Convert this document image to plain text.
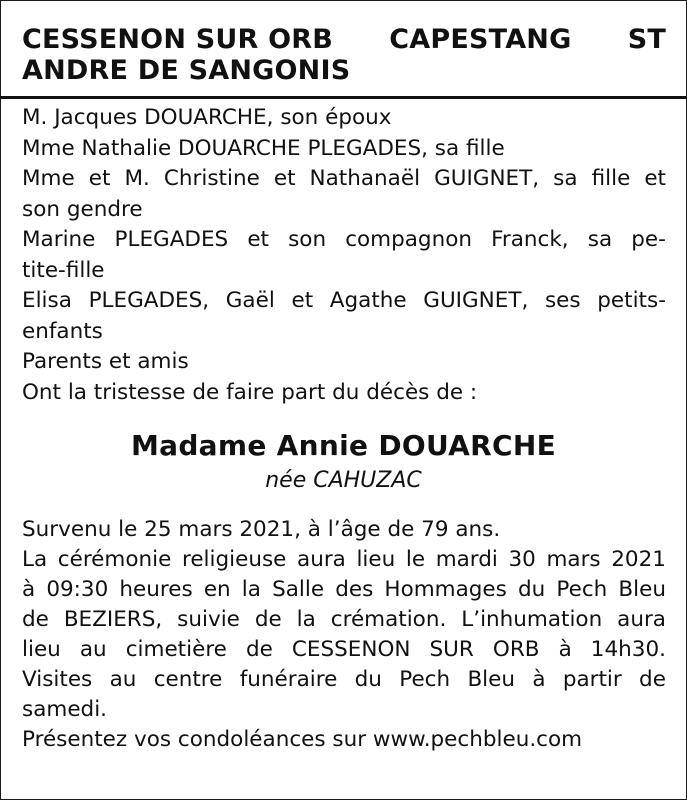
CESSENON SUR ORB CAPESTANG ST
ANDRE DE SANGONIS
M. Jacques DOUARCHE, son époux
Mme Nathalie DOUARCHE PLEGADES, sa fille
Mme et M. Christine et Nathanaël GUIGNET, sa fille et
son gendre
Marine PLEGADES et son compagnon Franck, sa pe-
tite-fille
Elisa PLEGADES, Gaël et Agathe GUIGNET, ses petits-
enfants
Parents et amis
Ont la tristesse de faire part du décès de :
Madame Annie DOUARCHE
née CAHUZAC
Survenu le 25 mars 2021, à l’âge de 79 ans.
La cérémonie religieuse aura lieu le mardi 30 mars 2021
à 09:30 heures en la Salle des Hommages du Pech Bleu
de BEZIERS, suivie de la crémation. L’inhumation aura
lieu au cimetière de CESSENON SUR ORB à 14h30.
Visites au centre funéraire du Pech Bleu à partir de
samedi.
Présentez vos condoléances sur www.pechbleu.com
